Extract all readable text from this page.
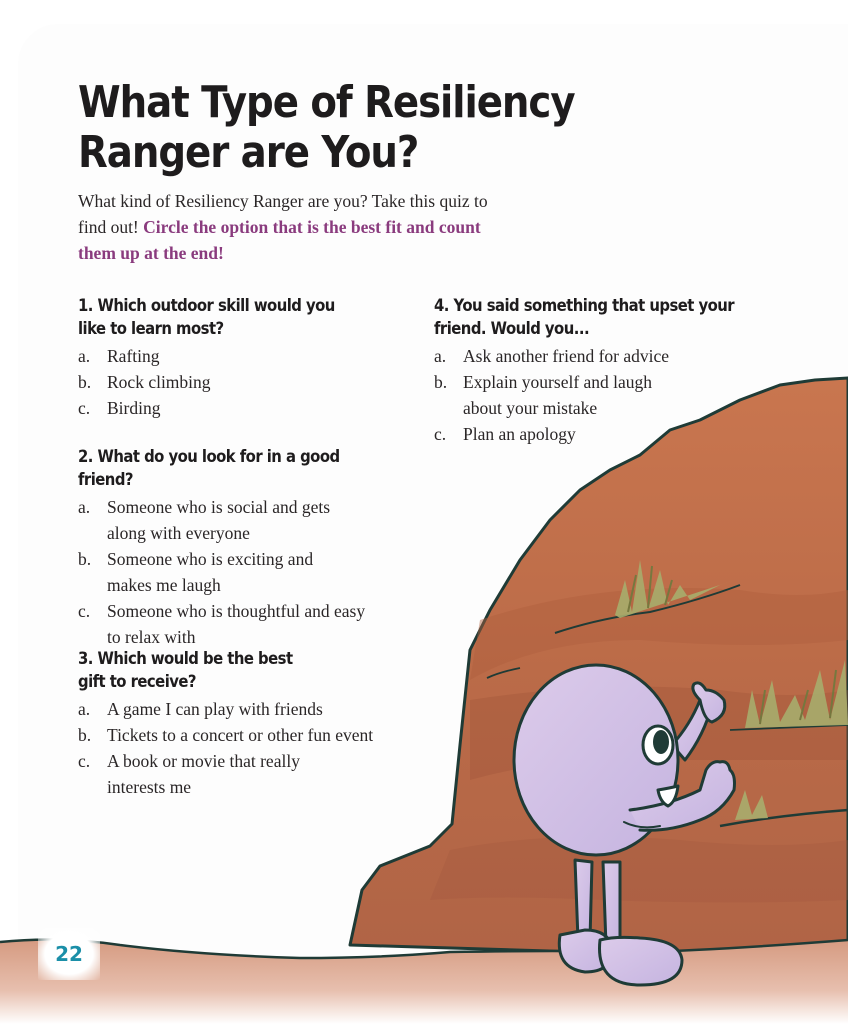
What Type of Resiliency
Ranger are You?

What kind of Resiliency Ranger are you? Take this quiz to find out! Circle the option that is the best fit and count them up at the end!

1. Which outdoor skill would you like to learn most?
a. Rafting
b. Rock climbing
c. Birding
2. What do you look for in a good friend?
a. Someone who is social and gets along with everyone
b. Someone who is exciting and makes me laugh
c. Someone who is thoughtful and easy to relax with
3. Which would be the best gift to receive?
a. A game I can play with friends
b. Tickets to a concert or other fun event
c. A book or movie that really interests me
4. You said something that upset your friend. Would you...
a. Ask another friend for advice
b. Explain yourself and laugh about your mistake
c. Plan an apology
22
